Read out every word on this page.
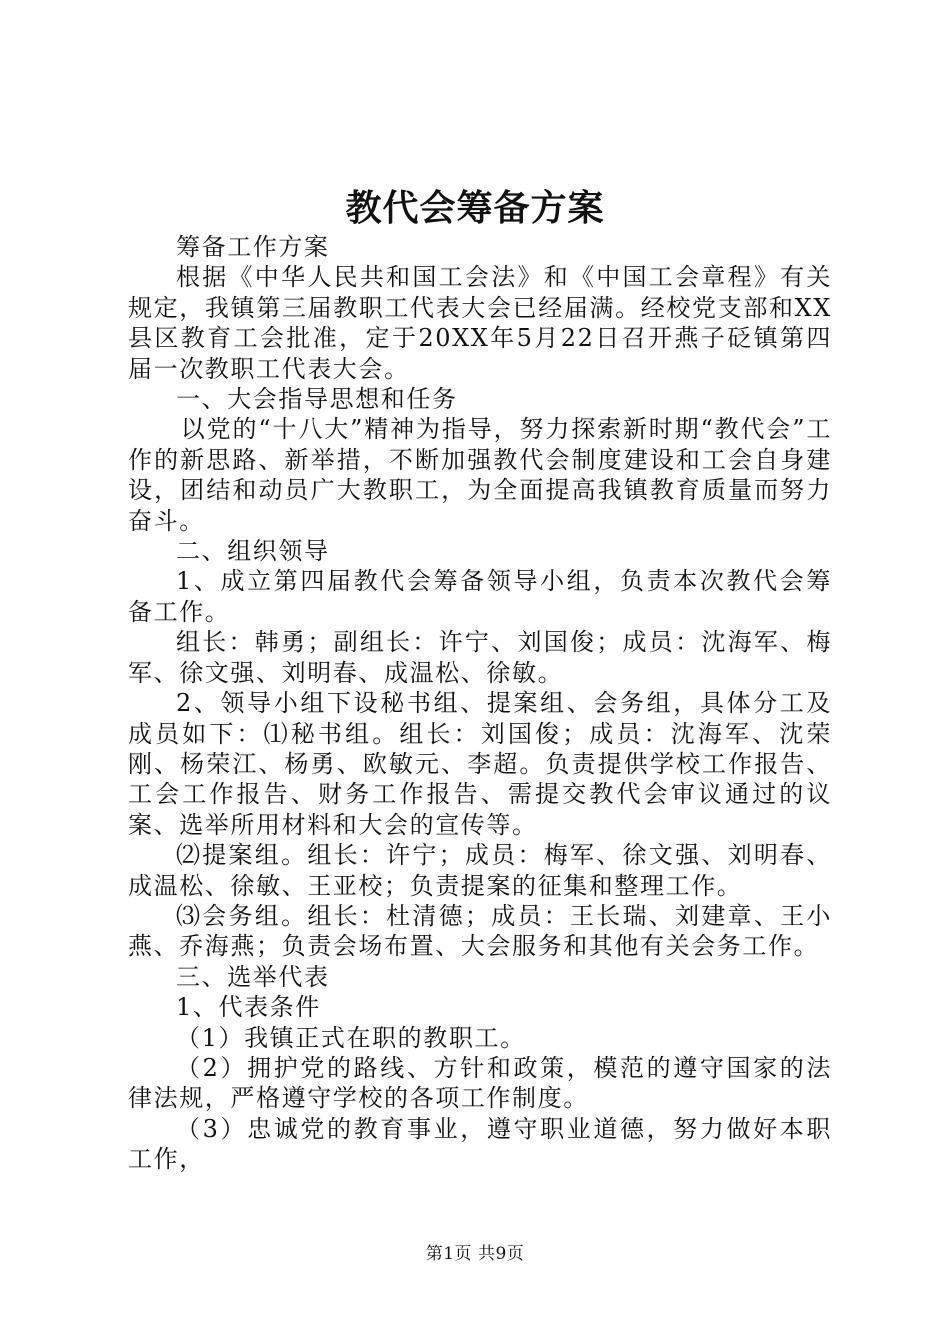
教代会筹备方案

筹备工作方案

根据《中华人民共和国工会法》和《中国工会章程》有关规定，我镇第三届教职工代表大会已经届满。经校党支部和XX县区教育工会批准，定于20XX年5月22日召开燕子砭镇第四届一次教职工代表大会。

一、大会指导思想和任务

以党的“十八大”精神为指导，努力探索新时期“教代会”工作的新思路、新举措，不断加强教代会制度建设和工会自身建设，团结和动员广大教职工，为全面提高我镇教育质量而努力奋斗。

二、组织领导

1、成立第四届教代会筹备领导小组，负责本次教代会筹备工作。

组长：韩勇；副组长：许宁、刘国俊；成员：沈海军、梅军、徐文强、刘明春、成温松、徐敏。

2、领导小组下设秘书组、提案组、会务组，具体分工及成员如下：⑴秘书组。组长：刘国俊；成员：沈海军、沈荣刚、杨荣江、杨勇、欧敏元、李超。负责提供学校工作报告、工会工作报告、财务工作报告、需提交教代会审议通过的议案、选举所用材料和大会的宣传等。

⑵提案组。组长：许宁；成员：梅军、徐文强、刘明春、成温松、徐敏、王亚校；负责提案的征集和整理工作。

⑶会务组。组长：杜清德；成员：王长瑞、刘建章、王小燕、乔海燕；负责会场布置、大会服务和其他有关会务工作。

三、选举代表

1、代表条件

（1）我镇正式在职的教职工。

（2）拥护党的路线、方针和政策，模范的遵守国家的法律法规，严格遵守学校的各项工作制度。

（3）忠诚党的教育事业，遵守职业道德，努力做好本职工作，

第1页 共9页
